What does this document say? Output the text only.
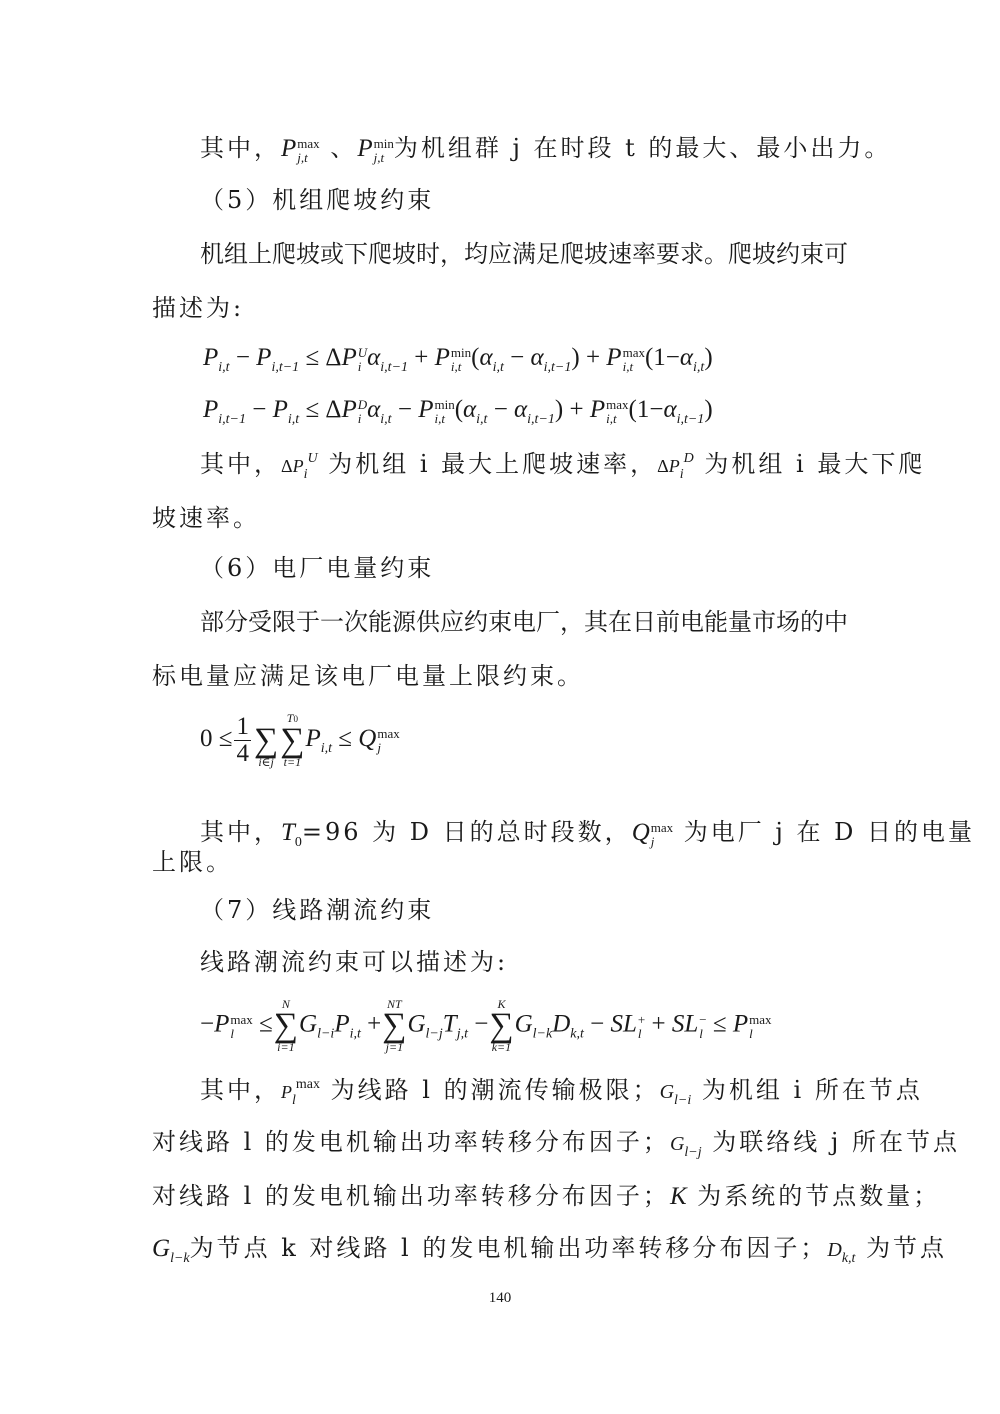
其中，P max
j,t 、P min
j,t 为机组群 j 在时段 t 的最大、最小出力。
（5）机组爬坡约束
机组上爬坡或下爬坡时，均应满足爬坡速率要求。爬坡约束可
描述为:
$P_{i,t} - P_{i,t-1} \le \Delta P$ U
i $\alpha_{i,t-1} + P$ min
i,t $(\alpha_{i,t} - \alpha_{i,t-1}) + P$ max
i,t $(1-\alpha_{i,t})$
$P_{i,t-1} - P_{i,t} \le \Delta P$ D
i $\alpha_{i,t} - P$ min
i,t $(\alpha_{i,t} - \alpha_{i,t-1}) + P$ max
i,t $(1-\alpha_{i,t-1})$
其中，$\Delta P_i^U$ 为机组 i 最大上爬坡速率，$\Delta P_i^D$ 为机组 i 最大下爬
坡速率。
（6）电厂电量约束
部分受限于一次能源供应约束电厂，其在日前电能量市场的中
标电量应满足该电厂电量上限约束。
$0 \le \frac{1}{4}$
∑
i∈j
T0
∑
t=1
$P_{i,t} \le Q$ max
j
其中，$T_0=96$ 为 D 日的总时段数，Q max
j	为电厂 j 在 D 日的电量
上限。
（7）线路潮流约束
线路潮流约束可以描述为:
−P max
l	≤
N
∑
i=1
$G_{l-i}P_{i,t}$ +
NT
∑
j=1
$G_{l-j}T_{j,t}$ −
K
∑
k=1
$G_{l-k}D_{k,t}$ − SL +
l + SL −
l ≤ P max
l
其中，$P_l^{max}$ 为线路 l 的潮流传输极限；$G_{l-i}$ 为机组 i 所在节点
对线路 l 的发电机输出功率转移分布因子；$G_{l-j}$ 为联络线 j 所在节点
对线路 l 的发电机输出功率转移分布因子；K 为系统的节点数量；
$G_{l-k}$为节点 k 对线路 l 的发电机输出功率转移分布因子；$D_{k,t}$ 为节点
140
